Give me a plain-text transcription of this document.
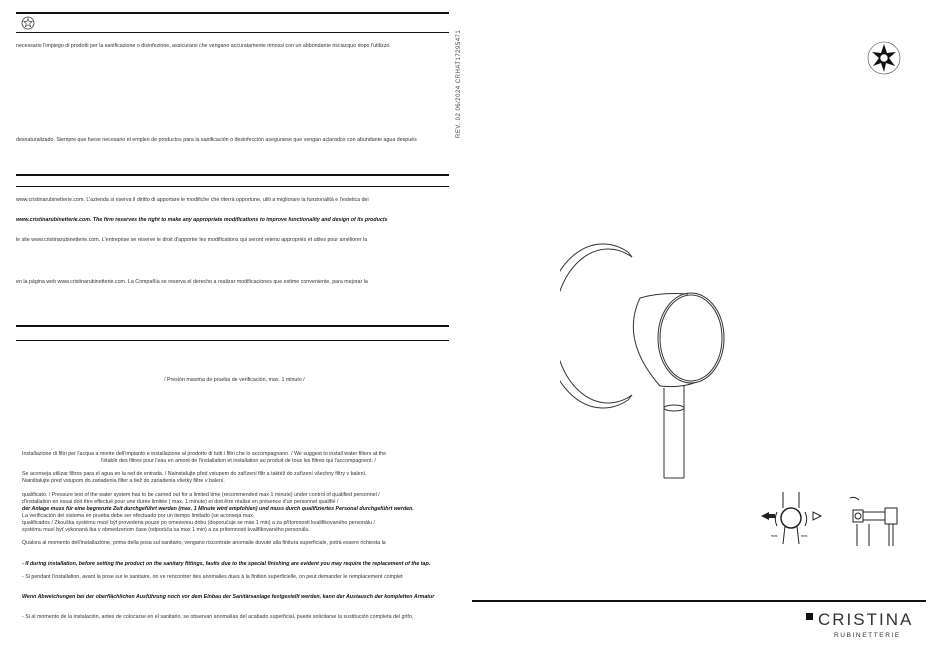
necessario l'impiego di prodotti per la sanificazione o disinfezione, assicurarsi che vengano accuratamente rimossi con un abbondante risciacquo dopo l'utilizzo.
desnaturalizado. Siempre que fuese necesario el empleo de productos para la sanificación o desinfección asegurarse que vengan aclarados con abundante agua después
www.cristinarubinetterie.com. L'azienda si riserva il diritto di apportare le modifiche che riterrà opportune, utili a migliorare la funzionalità e l'estetica dei
www.cristinarubinetterie.com. The firm reserves the right to make any appropriate modifications to improve functionality and design of its products
le site www.cristinarubinetterie.com. L'entreprise se réserve le droit d'apporter les modifications qui seront retenu appropriés et utiles pour améliorer la
en la página web www.cristinarubinetterie.com. La Compañía se reserva el derecho a realizar modificaciones que estime conveniente, para mejorar la
/ Presión maxima de prueba de verificación, max. 1 minuto /
Installazione di filtri per l'acqua a monte dell'impianto e installazione al prodotto di tutti i filtri che lo accompagnano. / We suggest to install water filters at the
l'établir des filtres pour l'eau en amont de l'installation et installation au produit de tous les filtres qui l'accompagnent. /
Se aconseja utilizar filtros para el agua en la red de entrada. / Nainstalujte před vstupem do zařízení filtr a taktéž do zařízení všechny filtry v balení.
Nainštalujte pred vstupom do zariadenia filter a tiež do zariadenia všetky filtre v balení.
qualificato. / Pressure test of the water system has to be carried out for a limited time (recommended max 1 minute) under control of qualified personnel /
d'installation en essai doit être effectué pour une durée limitée ( max. 1 minute) et doit être réalisé en présence d'un personnel qualifié /
der Anlage muss für eine begrenzte Zeit durchgeführt werden (max. 1 Minute wird empfohlen) und muss durch qualifiziertes Personal durchgeführt werden.
La verificación del sistema en prueba debe ser efectuado por un tiempo limitado (se aconseja max.
qualificados / Zkouška systému musí být provedena pouze po omezenou dobu (doporučuje se max 1 min) a za přítomnosti kvalifikovaného personálu /
systému musí byť vykonaná iba v obmedzenom čase (odporúča sa max 1 min) a za prítomnosti kvalifikovaného personálu.
Qualora al momento dell'installazione, prima della posa sul sanitario, vengano riscontrate anomalie dovute alla finitura superficiale, potrà essere richiesta la
- If during installation, before setting the product on the sanitary fittings, faults due to the special finishing are evident you may require the replacement of the tap.
- Si pendant l'installation, avant la pose sur le sanitaire, on ve rencontrer des anomalies dues à la finition superficielle, on peut demander le remplacement complet
Wenn Abweichungen bei der oberflächlichen Ausführung noch vor dem Einbau der Sanitärsanlage festgestellt werden, kann der Austausch der kompletten Armatur
- Si al momento de la instalación, antes de colocarse en el sanitario, se observan anomalías del acabado superficial, puede solicitarse la sustitución completa del grifo.
REV. 02 06/2024 CRHAT17295471
≈≈	≈≈
CRISTINA
RUBINETTERIE
